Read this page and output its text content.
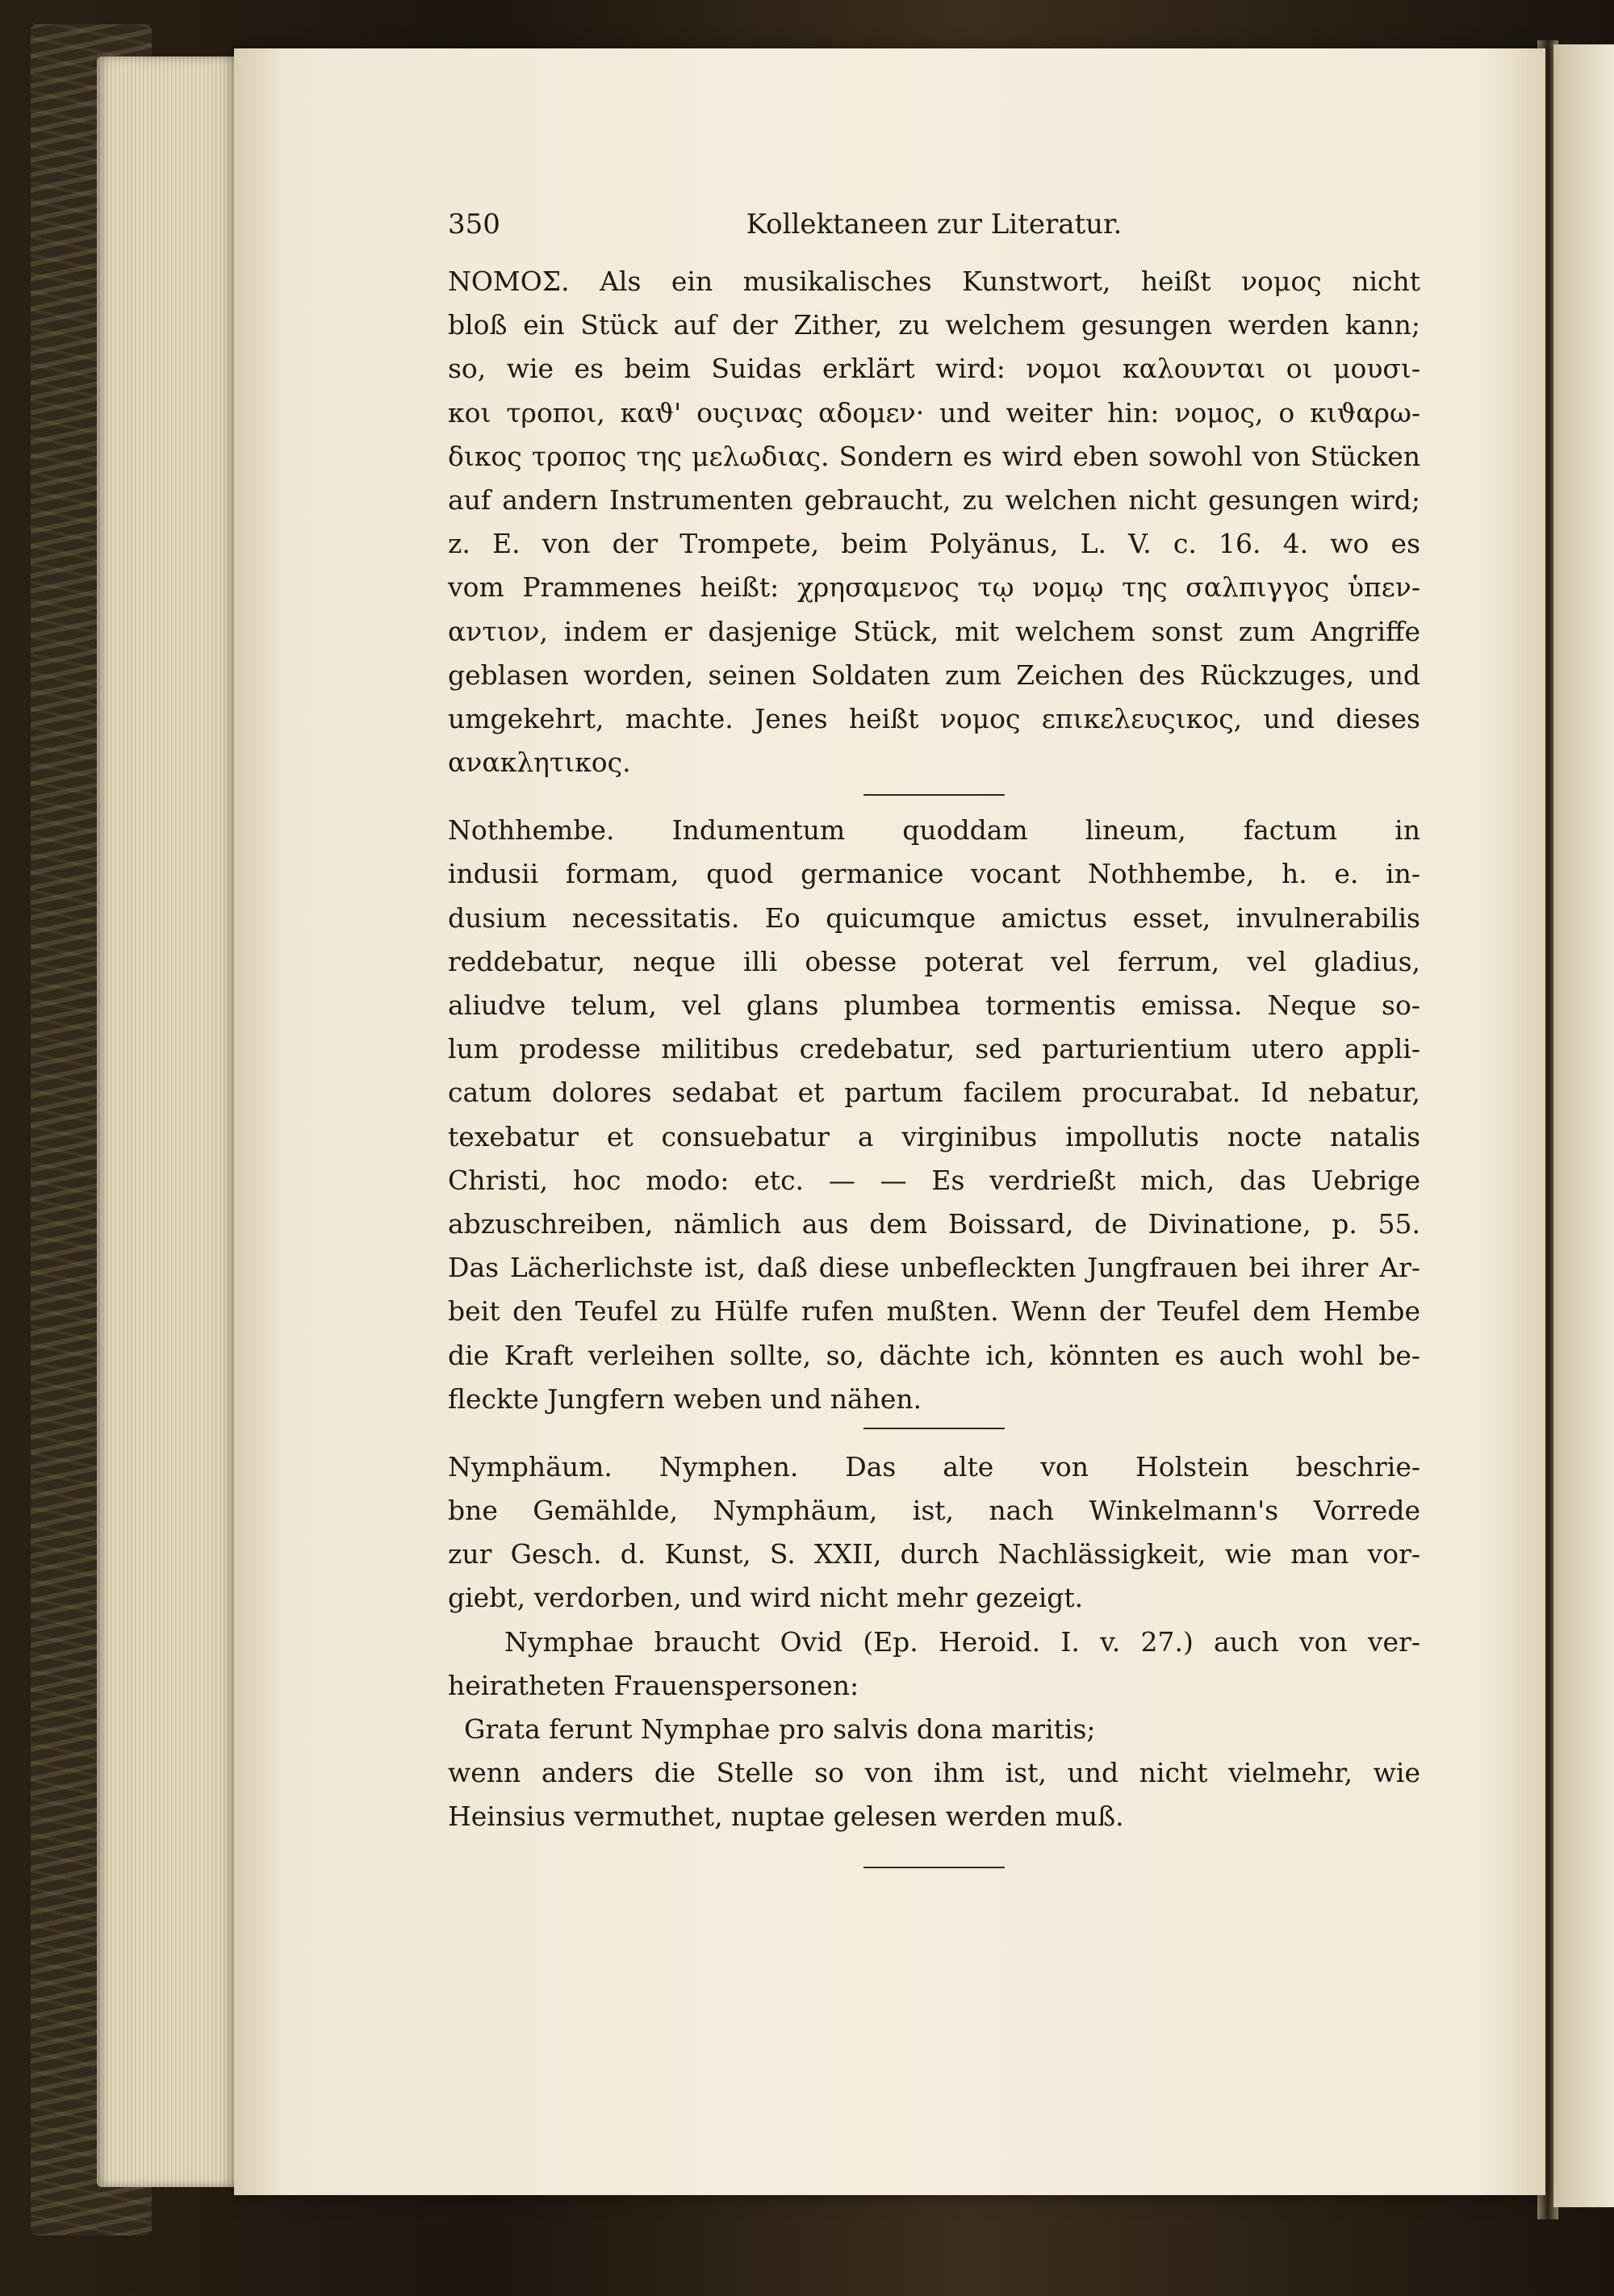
350	Kollektaneen zur Literatur.
NOMOΣ. Als ein musikalisches Kunstwort, heißt νομος nicht
bloß ein Stück auf der Zither, zu welchem gesungen werden kann;
so, wie es beim Suidas erklärt wird: νομοι καλουνται οι μουσι-
κοι τροποι, καϑ' ουςινας αδομεν· und weiter hin: νομος, ο κιϑαρω-
δικος τροπος της μελωδιας. Sondern es wird eben sowohl von Stücken
auf andern Instrumenten gebraucht, zu welchen nicht gesungen wird;
z. E. von der Trompete, beim Polyänus, L. V. c. 16. 4. wo es
vom Prammenes heißt: χρησαμενος τῳ νομῳ της σαλπιγγος ὑπεν-
αντιον, indem er dasjenige Stück, mit welchem sonst zum Angriffe
geblasen worden, seinen Soldaten zum Zeichen des Rückzuges, und
umgekehrt, machte. Jenes heißt νομος επικελευςικος, und dieses
ανακλητικος.
Nothhembe. Indumentum quoddam lineum, factum in
indusii formam, quod germanice vocant Nothhembe, h. e. in-
dusium necessitatis. Eo quicumque amictus esset, invulnerabilis
reddebatur, neque illi obesse poterat vel ferrum, vel gladius,
aliudve telum, vel glans plumbea tormentis emissa. Neque so-
lum prodesse militibus credebatur, sed parturientium utero appli-
catum dolores sedabat et partum facilem procurabat. Id nebatur,
texebatur et consuebatur a virginibus impollutis nocte natalis
Christi, hoc modo: etc. — — Es verdrießt mich, das Uebrige
abzuschreiben, nämlich aus dem Boissard, de Divinatione, p. 55.
Das Lächerlichste ist, daß diese unbefleckten Jungfrauen bei ihrer Ar-
beit den Teufel zu Hülfe rufen mußten. Wenn der Teufel dem Hembe
die Kraft verleihen sollte, so, dächte ich, könnten es auch wohl be-
fleckte Jungfern weben und nähen.
Nymphäum. Nymphen. Das alte von Holstein beschrie-
bne Gemählde, Nymphäum, ist, nach Winkelmann's Vorrede
zur Gesch. d. Kunst, S. XXII, durch Nachlässigkeit, wie man vor-
giebt, verdorben, und wird nicht mehr gezeigt.
Nymphae braucht Ovid (Ep. Heroid. I. v. 27.) auch von ver-
heiratheten Frauenspersonen:
Grata ferunt Nymphae pro salvis dona maritis;
wenn anders die Stelle so von ihm ist, und nicht vielmehr, wie
Heinsius vermuthet, nuptae gelesen werden muß.
